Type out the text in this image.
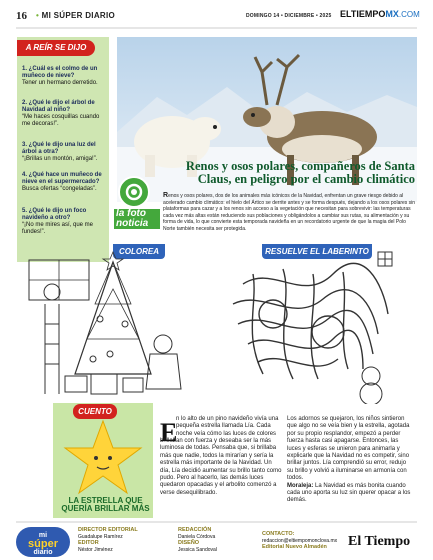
16 • MI SÚPER DIARIO	DOMINGO 14 • DICIEMBRE • 2025 ELTIEMPOMX.COM
A REÍR SE DIJO
1. ¿Cuál es el colmo de un muñeco de nieve?
Tener un hermano derretido.
2. ¿Qué le dijo el árbol de Navidad al niño?
“Me haces cosquillas cuando me decoras!”.
3. ¿Qué le dijo una luz del árbol a otra?
“¡Brillas un montón, amiga!”.
4. ¿Qué hace un muñeco de nieve en el supermercado?
Busca ofertas “congeladas”.
5. ¿Qué le dijo un foco navideño a otro?
“¡No me mires así, que me fundes!”.
Renos y osos polares, compañeros de Santa Claus, en peligro por el cambio climático
la foto
noticia
Renos y osos polares, dos de los animales más icónicos de la Navidad, enfrentan un grave riesgo debido al acelerado cambio climático: el hielo del Ártico se derrite antes y se forma después, dejando a los osos polares sin plataformas para cazar y a los renos sin acceso a la vegetación que necesitan para sobrevivir: las temperaturas cada vez más altas están reduciendo sus poblaciones y obligándolos a cambiar sus rutas, su alimentación y su forma de vida, lo que convierte esta temporada navideña en un recordatorio urgente de que la magia del Polo Norte también necesita ser protegida.
COLOREA	RESUELVE EL LABERINTO
CUENTO
LA ESTRELLA QUE QUERÍA BRILLAR MÁS
E
n lo alto de un pino navideño vivía una pequeña estrella llamada Lía. Cada noche veía cómo las luces de colores
brillaban con fuerza y deseaba ser la más luminosa de todas. Pensaba que, si brillaba más que nadie, todos la mirarían y sería la estrella más importante de la Navidad. Un día, Lía decidió aumentar su brillo tanto como pudo. Pero al hacerlo, las demás luces quedaron opacadas y el arbolito comenzó a verse desequilibrado.
Los adornos se quejaron, los niños sintieron que algo no se veía bien y la estrella, agotada por su propio resplandor, empezó a perder fuerza hasta casi apagarse. Entonces, las luces y esferas se unieron para animarla y explicarle que la Navidad no es competir, sino brillar juntos. Lía comprendió su error, redujo su brillo y volvió a iluminarse en armonía con todos.
Moraleja: La Navidad es más bonita cuando cada uno aporta su luz sin querer opacar a los demás.
mi
súper
diario
DIRECTOR EDITORIAL
Guadalupe Ramírez
EDITOR
Néstor Jiménez
REDACCIÓN
Daniela Córdova
DISEÑO
Jessica Sandoval
CONTACTO:
redaccion@eltiempomonclova.mx
Editorial Nuevo Almadén	El Tiempo
